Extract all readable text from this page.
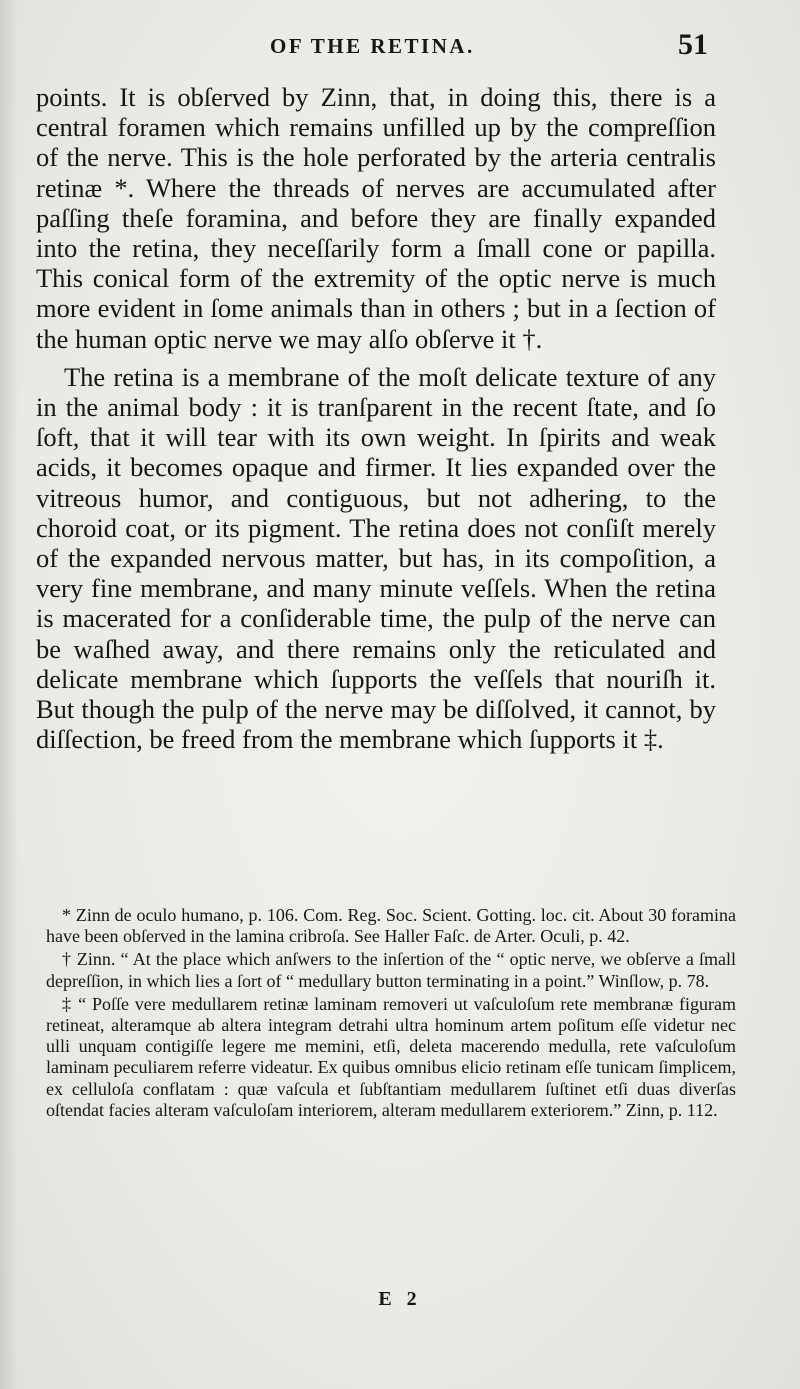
OF THE RETINA.	51

points. It is obſerved by Zinn, that, in doing this, there is a central foramen which remains unfilled up by the compreſſion of the nerve. This is the hole perforated by the arteria centralis retinæ *. Where the threads of nerves are accumulated after paſſing theſe foramina, and before they are finally expanded into the retina, they neceſſarily form a ſmall cone or papilla. This conical form of the extremity of the optic nerve is much more evident in ſome animals than in others ; but in a ſection of the human optic nerve we may alſo obſerve it †.

The retina is a membrane of the moſt delicate texture of any in the animal body : it is tranſparent in the recent ſtate, and ſo ſoft, that it will tear with its own weight. In ſpirits and weak acids, it becomes opaque and firmer. It lies expanded over the vitreous humor, and contiguous, but not adhering, to the choroid coat, or its pigment. The retina does not conſiſt merely of the expanded nervous matter, but has, in its compoſition, a very fine membrane, and many minute veſſels. When the retina is macerated for a conſiderable time, the pulp of the nerve can be waſhed away, and there remains only the reticulated and delicate membrane which ſupports the veſſels that nouriſh it. But though the pulp of the nerve may be diſſolved, it cannot, by diſſection, be freed from the membrane which ſupports it ‡.

* Zinn de oculo humano, p. 106. Com. Reg. Soc. Scient. Gotting. loc. cit. About 30 foramina have been obſerved in the lamina cribroſa. See Haller Faſc. de Arter. Oculi, p. 42.

† Zinn. “ At the place which anſwers to the inſertion of the “ optic nerve, we obſerve a ſmall depreſſion, in which lies a ſort of “ medullary button terminating in a point.” Winſlow, p. 78.

‡ “ Poſſe vere medullarem retinæ laminam removeri ut vaſculoſum rete membranæ figuram retineat, alteramque ab altera integram detrahi ultra hominum artem poſitum eſſe videtur nec ulli unquam contigiſſe legere me memini, etſi, deleta macerendo medulla, rete vaſculoſum laminam peculiarem referre videatur. Ex quibus omnibus elicio retinam eſſe tunicam ſimplicem, ex celluloſa conflatam : quæ vaſcula et ſubſtantiam medullarem ſuſtinet etſi duas diverſas oſtendat facies alteram vaſculoſam interiorem, alteram medullarem exteriorem.” Zinn, p. 112.

E 2
